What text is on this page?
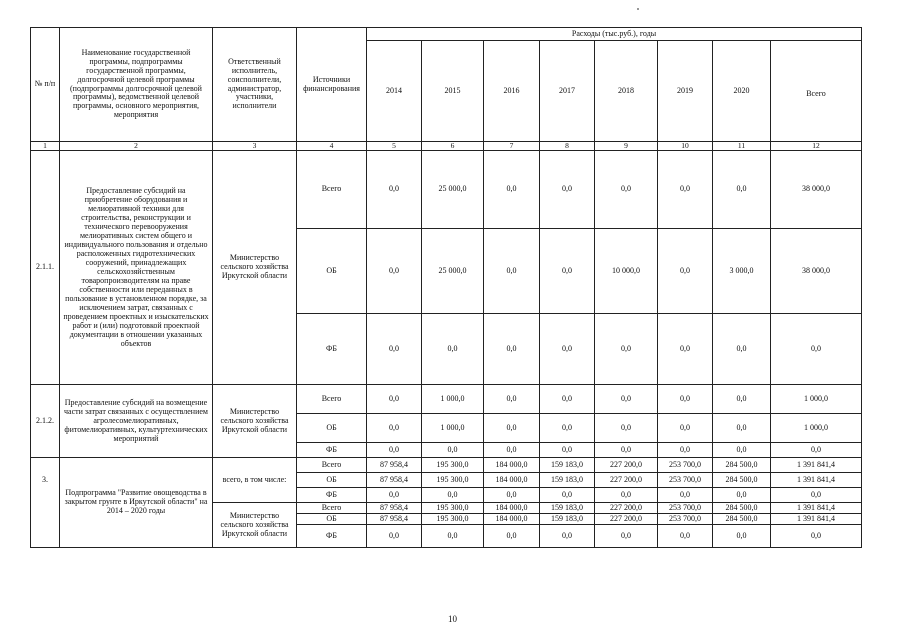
№ п/п	Наименование государственной программы, подпрограммы государственной программы, долгосрочной целевой программы (подпрограммы долгосрочной целевой программы), ведомственной целевой программы, основного мероприятия, мероприятия	Ответственный исполнитель, соисполнители, администратор, участники, исполнители	Источники финансирования	Расходы (тыс.руб.), годы							
				2014	2015	2016	2017	2018	2019	2020	Всего
1	2	3	4	5	6	7	8	9	10	11	12
2.1.1.	Предоставление субсидий на приобретение оборудования и мелиоративной техники для строительства, реконструкции и технического перевооружения мелиоративных систем общего и индивидуального пользования и отдельно расположенных гидротехнических сооружений, принадлежащих сельскохозяйственным товаропроизводителям на праве собственности или переданных в пользование в установленном порядке, за исключением затрат, связанных с проведением проектных и изыскательских работ и (или) подготовкой проектной документации в отношении указанных объектов	Министерство сельского хозяйства Иркутской области	Всего	0,0	25 000,0	0,0	0,0	0,0	0,0	0,0	38 000,0
			ОБ	0,0	25 000,0	0,0	0,0	10 000,0	0,0	3 000,0	38 000,0
			ФБ	0,0	0,0	0,0	0,0	0,0	0,0	0,0	0,0
2.1.2.	Предоставление субсидий на возмещение части затрат связанных с осуществлением агролесомелиоративных, фитомелиоративных, культуртехнических мероприятий	Министерство сельского хозяйства Иркутской области	Всего	0,0	1 000,0	0,0	0,0	0,0	0,0	0,0	1 000,0
			ОБ	0,0	1 000,0	0,0	0,0	0,0	0,0	0,0	1 000,0
			ФБ	0,0	0,0	0,0	0,0	0,0	0,0	0,0	0,0
3.	Подпрограмма "Развитие овощеводства в закрытом грунте в Иркутской области" на 2014 – 2020 годы	всего, в том числе:	Всего	87 958,4	195 300,0	184 000,0	159 183,0	227 200,0	253 700,0	284 500,0	1 391 841,4
			ОБ	87 958,4	195 300,0	184 000,0	159 183,0	227 200,0	253 700,0	284 500,0	1 391 841,4
			ФБ	0,0	0,0	0,0	0,0	0,0	0,0	0,0	0,0
		Министерство сельского хозяйства Иркутской области	Всего	87 958,4	195 300,0	184 000,0	159 183,0	227 200,0	253 700,0	284 500,0	1 391 841,4
			ОБ	87 958,4	195 300,0	184 000,0	159 183,0	227 200,0	253 700,0	284 500,0	1 391 841,4
			ФБ	0,0	0,0	0,0	0,0	0,0	0,0	0,0	0,0
10
